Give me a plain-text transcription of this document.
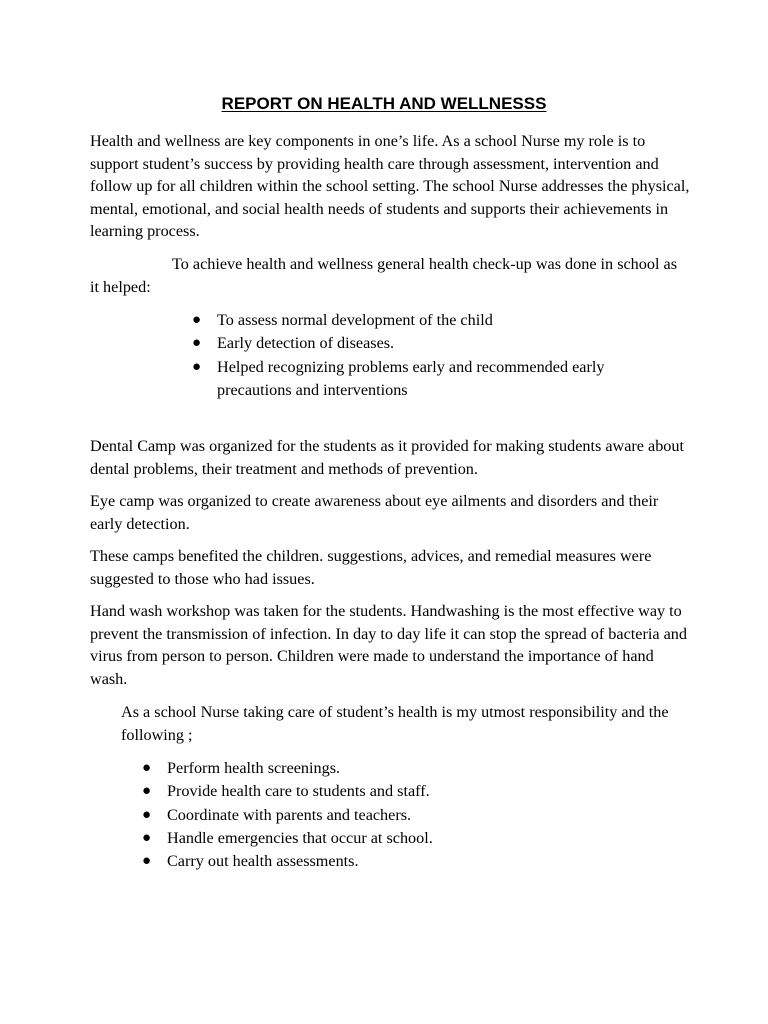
REPORT ON HEALTH AND WELLNESSS

Health and wellness are key components in one’s life. As a school Nurse my role is to support student’s success by providing health care through assessment, intervention and follow up for all children within the school setting. The school Nurse addresses the physical, mental, emotional, and social health needs of students and supports their achievements in learning process.

To achieve health and wellness general health check-up was done in school as it helped:

● To assess normal development of the child
● Early detection of diseases.
● Helped recognizing problems early and recommended early precautions and interventions

Dental Camp was organized for the students as it provided for making students aware about dental problems, their treatment and methods of prevention.

Eye camp was organized to create awareness about eye ailments and disorders and their early detection.

These camps benefited the children. suggestions, advices, and remedial measures were suggested to those who had issues.

Hand wash workshop was taken for the students. Handwashing is the most effective way to prevent the transmission of infection. In day to day life it can stop the spread of bacteria and virus from person to person. Children were made to understand the importance of hand wash.

As a school Nurse taking care of student’s health is my utmost responsibility and the following ;

● Perform health screenings.
● Provide health care to students and staff.
● Coordinate with parents and teachers.
● Handle emergencies that occur at school.
● Carry out health assessments.
